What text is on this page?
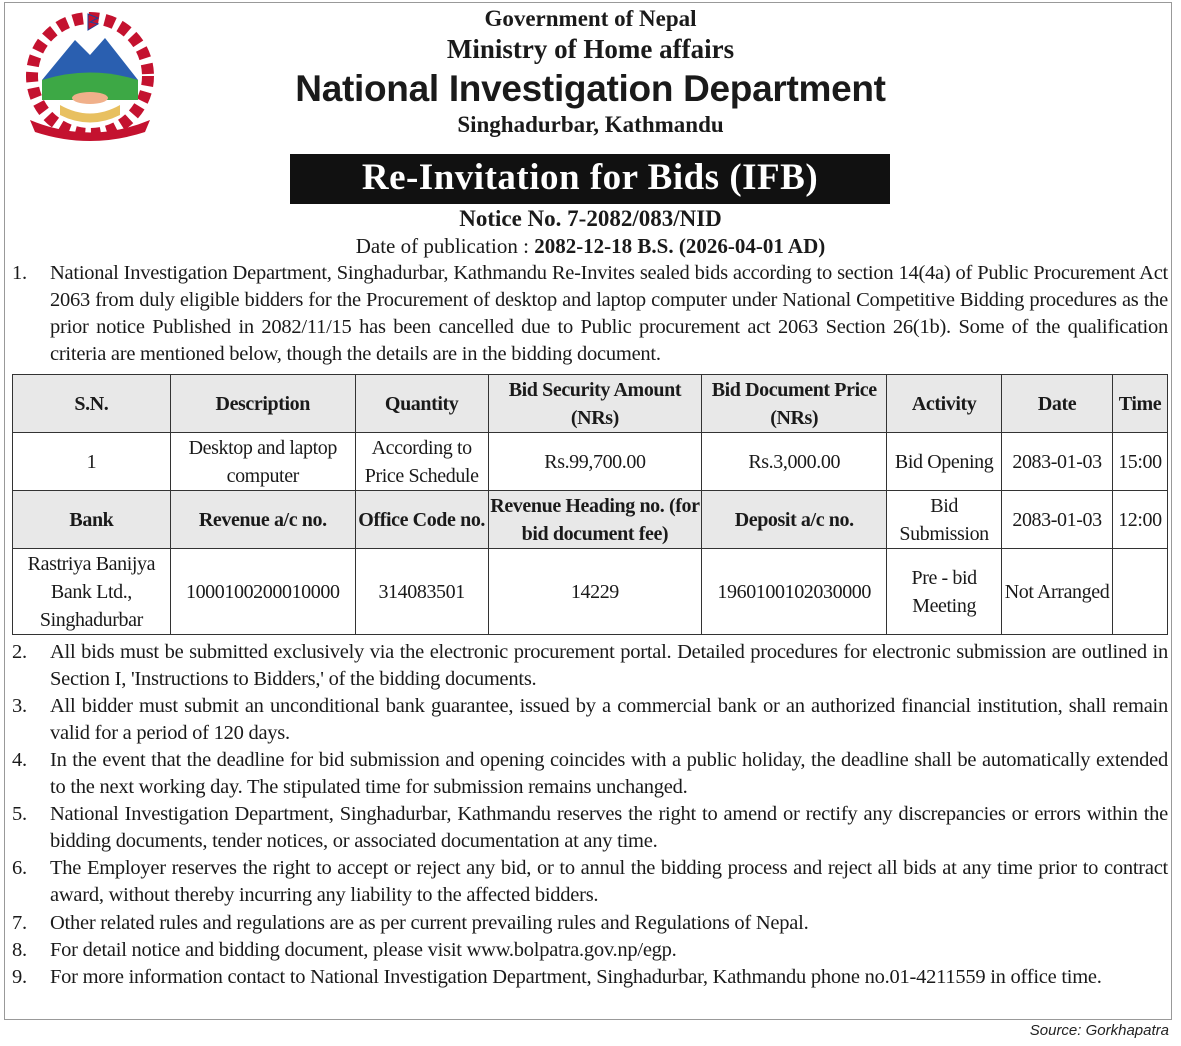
Government of Nepal
Ministry of Home affairs
National Investigation Department
Singhadurbar, Kathmandu
Re-Invitation for Bids (IFB)
Notice No. 7-2082/083/NID
Date of publication : 2082-12-18 B.S. (2026-04-01 AD)
1. National Investigation Department, Singhadurbar, Kathmandu Re-Invites sealed bids according to section 14(4a) of Public Procurement Act 2063 from duly eligible bidders for the Procurement of desktop and laptop computer under National Competitive Bidding procedures as the prior notice Published in 2082/11/15 has been cancelled due to Public procurement act 2063 Section 26(1b). Some of the qualification criteria are mentioned below, though the details are in the bidding document.
S.N.	Description	Quantity	Bid Security Amount (NRs)	Bid Document Price (NRs)	Activity	Date	Time
1	Desktop and laptop computer	According to Price Schedule	Rs.99,700.00	Rs.3,000.00	Bid Opening	2083-01-03	15:00
Bank	Revenue a/c no.	Office Code no.	Revenue Heading no. (for bid document fee)	Deposit a/c no.	Bid Submission	2083-01-03	12:00
Rastriya Banijya Bank Ltd., Singhadurbar	1000100200010000	314083501	14229	1960100102030000	Pre - bid Meeting	Not Arranged	
2. All bids must be submitted exclusively via the electronic procurement portal. Detailed procedures for electronic submission are outlined in Section I, 'Instructions to Bidders,' of the bidding documents.
3. All bidder must submit an unconditional bank guarantee, issued by a commercial bank or an authorized financial institution, shall remain valid for a period of 120 days.
4. In the event that the deadline for bid submission and opening coincides with a public holiday, the deadline shall be automatically extended to the next working day. The stipulated time for submission remains unchanged.
5. National Investigation Department, Singhadurbar, Kathmandu reserves the right to amend or rectify any discrepancies or errors within the bidding documents, tender notices, or associated documentation at any time.
6. The Employer reserves the right to accept or reject any bid, or to annul the bidding process and reject all bids at any time prior to contract award, without thereby incurring any liability to the affected bidders.
7. Other related rules and regulations are as per current prevailing rules and Regulations of Nepal.
8. For detail notice and bidding document, please visit www.bolpatra.gov.np/egp.
9. For more information contact to National Investigation Department, Singhadurbar, Kathmandu phone no.01-4211559 in office time.
Source: Gorkhapatra
